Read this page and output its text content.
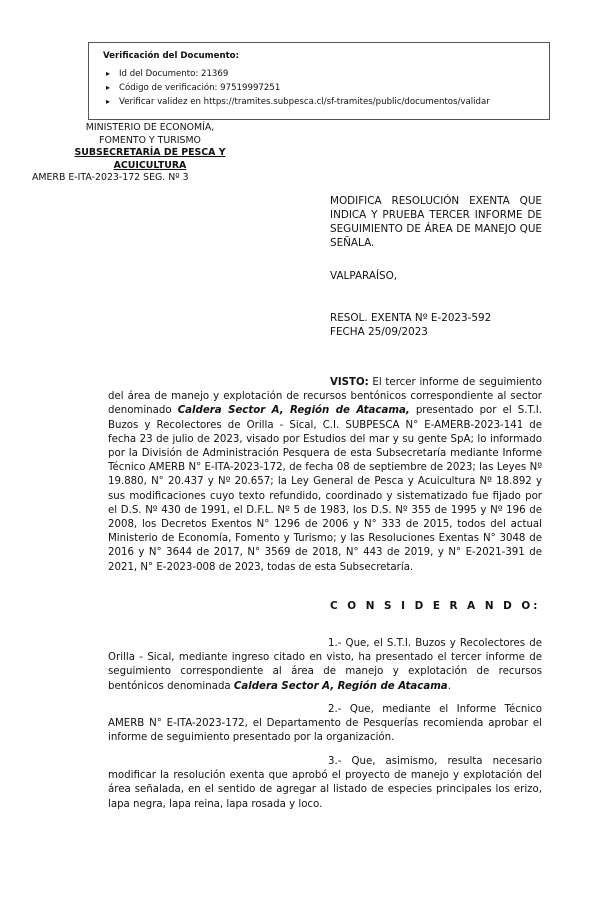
Verificación del Documento:
▸ Id del Documento: 21369
▸ Código de verificación: 97519997251
▸ Verificar validez en https://tramites.subpesca.cl/sf-tramites/public/documentos/validar
MINISTERIO DE ECONOMÍA,
FOMENTO Y TURISMO
SUBSECRETARÍA DE PESCA Y
ACUICULTURA
AMERB E-ITA-2023-172 SEG. Nº 3
MODIFICA RESOLUCIÓN EXENTA QUE INDICA Y PRUEBA TERCER INFORME DE SEGUIMIENTO DE ÁREA DE MANEJO QUE SEÑALA.
VALPARAÍSO,
RESOL. EXENTA Nº E-2023-592
FECHA 25/09/2023
VISTO: El tercer informe de seguimiento del área de manejo y explotación de recursos bentónicos correspondiente al sector denominado Caldera Sector A, Región de Atacama, presentado por el S.T.I. Buzos y Recolectores de Orilla - Sical, C.I. SUBPESCA N° E-AMERB-2023-141 de fecha 23 de julio de 2023, visado por Estudios del mar y su gente SpA; lo informado por la División de Administración Pesquera de esta Subsecretaría mediante Informe Técnico AMERB N° E-ITA-2023-172, de fecha 08 de septiembre de 2023; las Leyes Nº 19.880, N° 20.437 y Nº 20.657; la Ley General de Pesca y Acuicultura Nº 18.892 y sus modificaciones cuyo texto refundido, coordinado y sistematizado fue fijado por el D.S. Nº 430 de 1991, el D.F.L. Nº 5 de 1983, los D.S. Nº 355 de 1995 y Nº 196 de 2008, los Decretos Exentos N° 1296 de 2006 y N° 333 de 2015, todos del actual Ministerio de Economía, Fomento y Turismo; y las Resoluciones Exentas N° 3048 de 2016 y N° 3644 de 2017, N° 3569 de 2018, N° 443 de 2019, y N° E-2021-391 de 2021, N° E-2023-008 de 2023, todas de esta Subsecretaría.
C O N S I D E R A N D O:
1.- Que, el S.T.I. Buzos y Recolectores de Orilla - Sical, mediante ingreso citado en visto, ha presentado el tercer informe de seguimiento correspondiente al área de manejo y explotación de recursos bentónicos denominada Caldera Sector A, Región de Atacama.
2.- Que, mediante el Informe Técnico AMERB N° E-ITA-2023-172, el Departamento de Pesquerías recomienda aprobar el informe de seguimiento presentado por la organización.
3.- Que, asimismo, resulta necesario modificar la resolución exenta que aprobó el proyecto de manejo y explotación del área señalada, en el sentido de agregar al listado de especies principales los erizo, lapa negra, lapa reina, lapa rosada y loco.
